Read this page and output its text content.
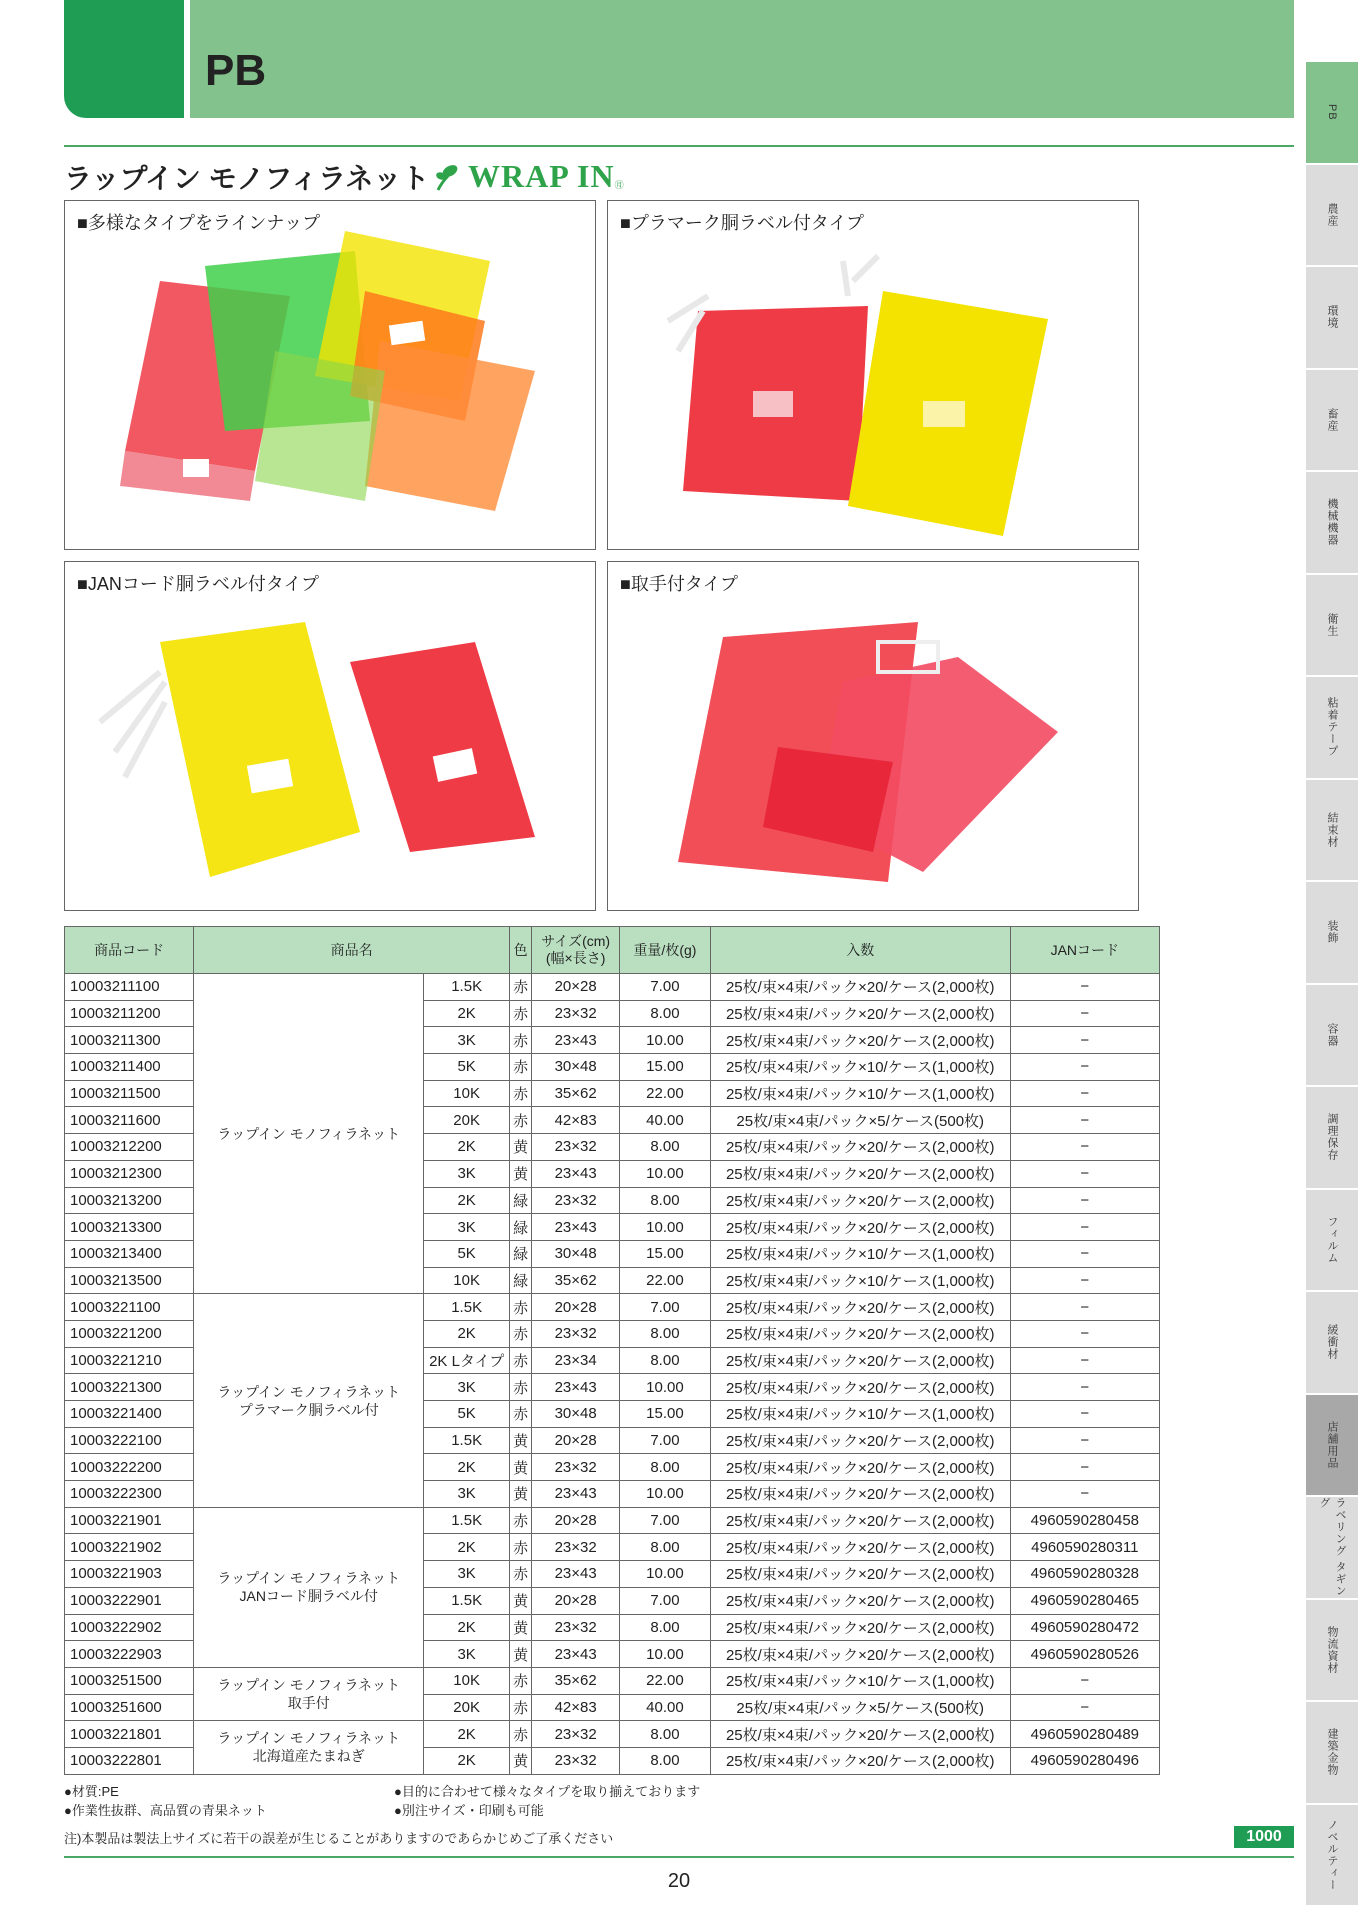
PB
ラップイン モノフィラネット WRAP IN ㊊
■多様なタイプをラインナップ	■プラマーク胴ラベル付タイプ
■JANコード胴ラベル付タイプ	■取手付タイプ
PB
農産
環境
畜産
機械機器
衛生
粘着テープ
結束材
装飾
容器
調理保存
フィルム
緩衝材
店舗用品
ラベリング タギング
物流資材
建築金物
ノベルティー
商品コード	商品名		色	サイズ(cm)
(幅×長さ)	重量/枚(g)	入数	JANコード
10003211100	ラップイン モノフィラネット	1.5K	赤	20×28	7.00	25枚/束×4束/パック×20/ケース(2,000枚)	−
10003211200		2K	赤	23×32	8.00	25枚/束×4束/パック×20/ケース(2,000枚)	−
10003211300		3K	赤	23×43	10.00	25枚/束×4束/パック×20/ケース(2,000枚)	−
10003211400		5K	赤	30×48	15.00	25枚/束×4束/パック×10/ケース(1,000枚)	−
10003211500		10K	赤	35×62	22.00	25枚/束×4束/パック×10/ケース(1,000枚)	−
10003211600		20K	赤	42×83	40.00	25枚/束×4束/パック×5/ケース(500枚)	−
10003212200		2K	黄	23×32	8.00	25枚/束×4束/パック×20/ケース(2,000枚)	−
10003212300		3K	黄	23×43	10.00	25枚/束×4束/パック×20/ケース(2,000枚)	−
10003213200		2K	緑	23×32	8.00	25枚/束×4束/パック×20/ケース(2,000枚)	−
10003213300		3K	緑	23×43	10.00	25枚/束×4束/パック×20/ケース(2,000枚)	−
10003213400		5K	緑	30×48	15.00	25枚/束×4束/パック×10/ケース(1,000枚)	−
10003213500		10K	緑	35×62	22.00	25枚/束×4束/パック×10/ケース(1,000枚)	−
10003221100	ラップイン モノフィラネット
プラマーク胴ラベル付	1.5K	赤	20×28	7.00	25枚/束×4束/パック×20/ケース(2,000枚)	−
10003221200		2K	赤	23×32	8.00	25枚/束×4束/パック×20/ケース(2,000枚)	−
10003221210		2K Lタイプ	赤	23×34	8.00	25枚/束×4束/パック×20/ケース(2,000枚)	−
10003221300		3K	赤	23×43	10.00	25枚/束×4束/パック×20/ケース(2,000枚)	−
10003221400		5K	赤	30×48	15.00	25枚/束×4束/パック×10/ケース(1,000枚)	−
10003222100		1.5K	黄	20×28	7.00	25枚/束×4束/パック×20/ケース(2,000枚)	−
10003222200		2K	黄	23×32	8.00	25枚/束×4束/パック×20/ケース(2,000枚)	−
10003222300		3K	黄	23×43	10.00	25枚/束×4束/パック×20/ケース(2,000枚)	−
10003221901	ラップイン モノフィラネット
JANコード胴ラベル付	1.5K	赤	20×28	7.00	25枚/束×4束/パック×20/ケース(2,000枚)	4960590280458
10003221902		2K	赤	23×32	8.00	25枚/束×4束/パック×20/ケース(2,000枚)	4960590280311
10003221903		3K	赤	23×43	10.00	25枚/束×4束/パック×20/ケース(2,000枚)	4960590280328
10003222901		1.5K	黄	20×28	7.00	25枚/束×4束/パック×20/ケース(2,000枚)	4960590280465
10003222902		2K	黄	23×32	8.00	25枚/束×4束/パック×20/ケース(2,000枚)	4960590280472
10003222903		3K	黄	23×43	10.00	25枚/束×4束/パック×20/ケース(2,000枚)	4960590280526
10003251500	ラップイン モノフィラネット
取手付	10K	赤	35×62	22.00	25枚/束×4束/パック×10/ケース(1,000枚)	−
10003251600		20K	赤	42×83	40.00	25枚/束×4束/パック×5/ケース(500枚)	−
10003221801	ラップイン モノフィラネット
北海道産たまねぎ	2K	赤	23×32	8.00	25枚/束×4束/パック×20/ケース(2,000枚)	4960590280489
10003222801		2K	黄	23×32	8.00	25枚/束×4束/パック×20/ケース(2,000枚)	4960590280496
●材質:PE
●作業性抜群、高品質の青果ネット
●目的に合わせて様々なタイプを取り揃えております
●別注サイズ・印刷も可能
注)本製品は製法上サイズに若干の誤差が生じることがありますのであらかじめご了承ください	1000
20
